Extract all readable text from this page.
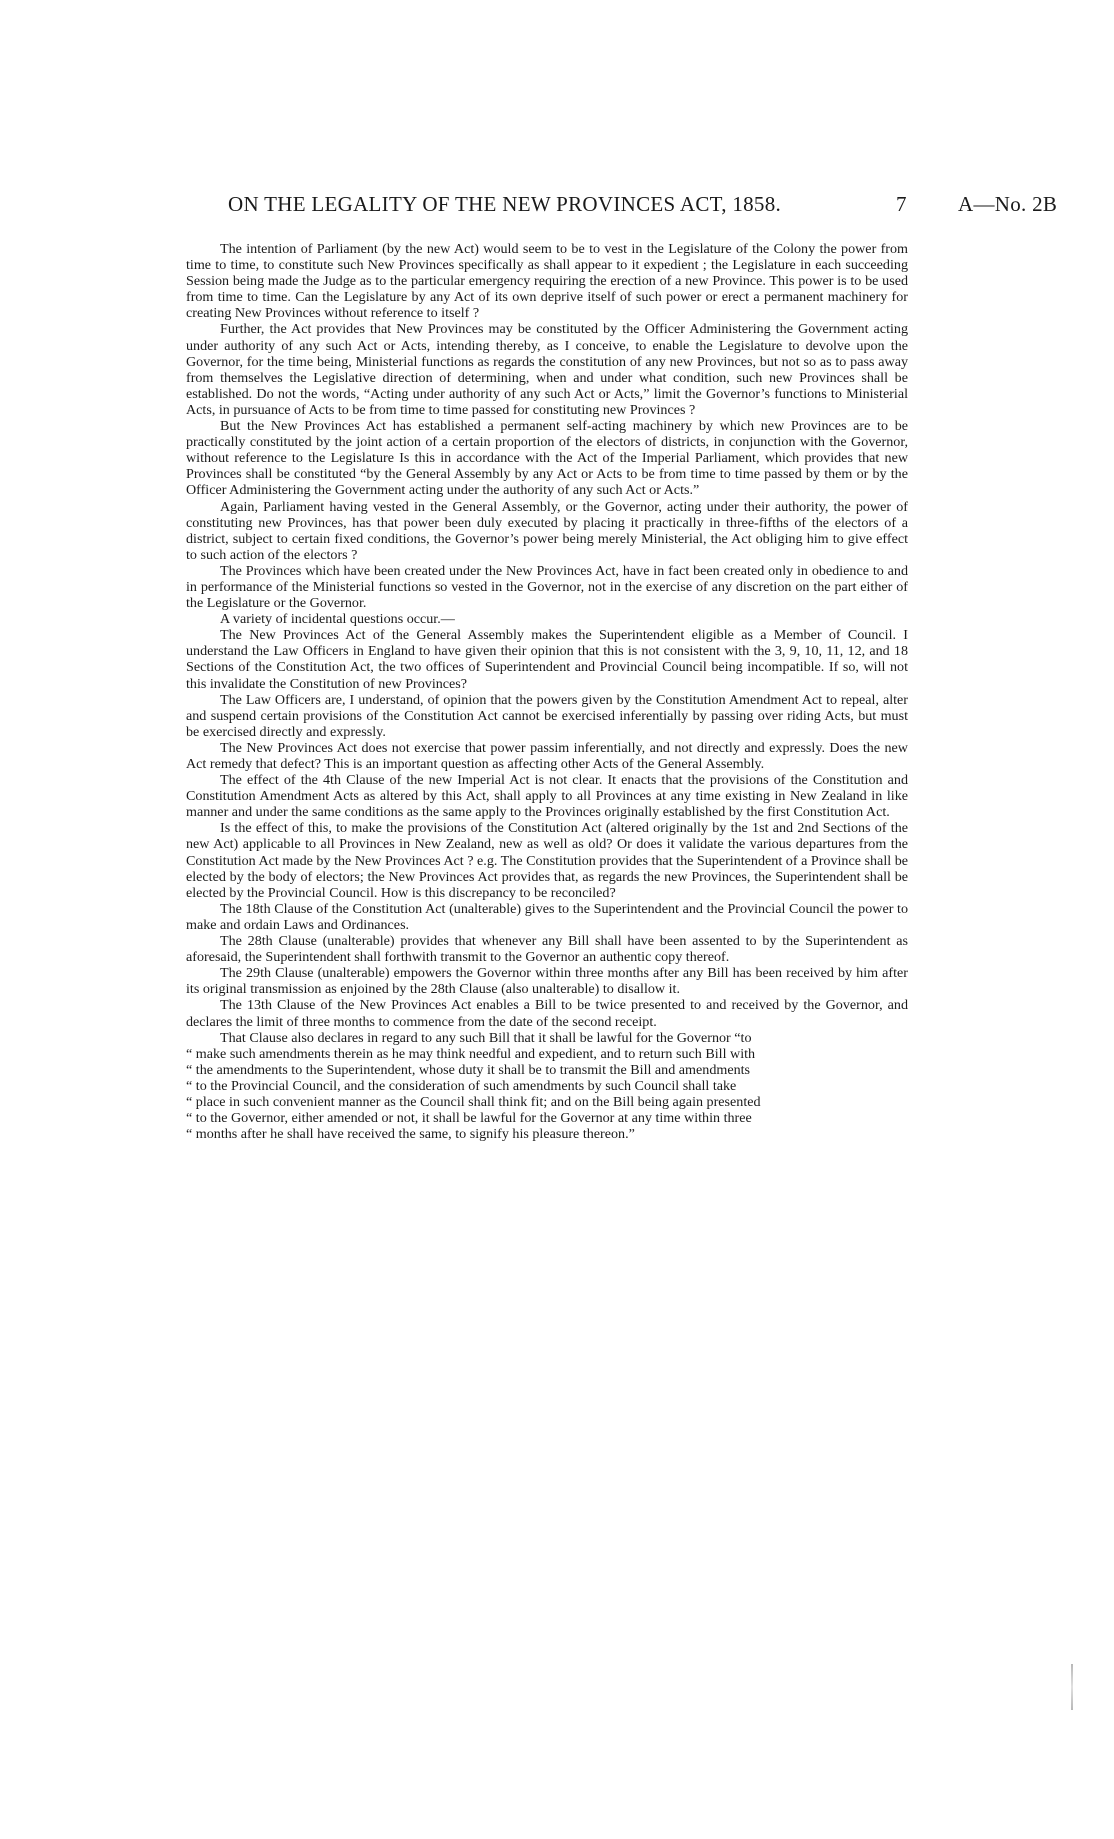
ON THE LEGALITY OF THE NEW PROVINCES ACT, 1858.	7 A—No. 2B

The intention of Parliament (by the new Act) would seem to be to vest in the Legislature of the Colony the power from time to time, to constitute such New Provinces specifically as shall appear to it expedient ; the Legislature in each succeeding Session being made the Judge as to the particular emergency requiring the erection of a new Province. This power is to be used from time to time. Can the Legislature by any Act of its own deprive itself of such power or erect a permanent machinery for creating New Provinces without reference to itself ?

Further, the Act provides that New Provinces may be constituted by the Officer Administering the Government acting under authority of any such Act or Acts, intending thereby, as I conceive, to enable the Legislature to devolve upon the Governor, for the time being, Ministerial functions as regards the constitution of any new Provinces, but not so as to pass away from themselves the Legislative direction of determining, when and under what condition, such new Provinces shall be established. Do not the words, “Acting under authority of any such Act or Acts,” limit the Governor’s functions to Ministerial Acts, in pursuance of Acts to be from time to time passed for constituting new Provinces ?

But the New Provinces Act has established a permanent self-acting machinery by which new Provinces are to be practically constituted by the joint action of a certain proportion of the electors of districts, in conjunction with the Governor, without reference to the Legislature Is this in accordance with the Act of the Imperial Parliament, which provides that new Provinces shall be constituted “by the General Assembly by any Act or Acts to be from time to time passed by them or by the Officer Administering the Government acting under the authority of any such Act or Acts.”

Again, Parliament having vested in the General Assembly, or the Governor, acting under their authority, the power of constituting new Provinces, has that power been duly executed by placing it practically in three-fifths of the electors of a district, subject to certain fixed conditions, the Governor’s power being merely Ministerial, the Act obliging him to give effect to such action of the electors ?

The Provinces which have been created under the New Provinces Act, have in fact been created only in obedience to and in performance of the Ministerial functions so vested in the Governor, not in the exercise of any discretion on the part either of the Legislature or the Governor.

A variety of incidental questions occur.—

The New Provinces Act of the General Assembly makes the Superintendent eligible as a Member of Council. I understand the Law Officers in England to have given their opinion that this is not consistent with the 3, 9, 10, 11, 12, and 18 Sections of the Constitution Act, the two offices of Superintendent and Provincial Council being incompatible. If so, will not this invalidate the Constitution of new Provinces?

The Law Officers are, I understand, of opinion that the powers given by the Constitution Amendment Act to repeal, alter and suspend certain provisions of the Constitution Act cannot be exercised inferentially by passing over riding Acts, but must be exercised directly and expressly.

The New Provinces Act does not exercise that power passim inferentially, and not directly and expressly. Does the new Act remedy that defect? This is an important question as affecting other Acts of the General Assembly.

The effect of the 4th Clause of the new Imperial Act is not clear. It enacts that the provisions of the Constitution and Constitution Amendment Acts as altered by this Act, shall apply to all Provinces at any time existing in New Zealand in like manner and under the same conditions as the same apply to the Provinces originally established by the first Constitution Act.

Is the effect of this, to make the provisions of the Constitution Act (altered originally by the 1st and 2nd Sections of the new Act) applicable to all Provinces in New Zealand, new as well as old? Or does it validate the various departures from the Constitution Act made by the New Provinces Act ? e.g. The Constitution provides that the Superintendent of a Province shall be elected by the body of electors; the New Provinces Act provides that, as regards the new Provinces, the Superintendent shall be elected by the Provincial Council. How is this discrepancy to be reconciled?

The 18th Clause of the Constitution Act (unalterable) gives to the Superintendent and the Provincial Council the power to make and ordain Laws and Ordinances.

The 28th Clause (unalterable) provides that whenever any Bill shall have been assented to by the Superintendent as aforesaid, the Superintendent shall forthwith transmit to the Governor an authentic copy thereof.

The 29th Clause (unalterable) empowers the Governor within three months after any Bill has been received by him after its original transmission as enjoined by the 28th Clause (also unalterable) to disallow it.

The 13th Clause of the New Provinces Act enables a Bill to be twice presented to and received by the Governor, and declares the limit of three months to commence from the date of the second receipt.

That Clause also declares in regard to any such Bill that it shall be lawful for the Governor “to
“ make such amendments therein as he may think needful and expedient, and to return such Bill with
“ the amendments to the Superintendent, whose duty it shall be to transmit the Bill and amendments
“ to the Provincial Council, and the consideration of such amendments by such Council shall take
“ place in such convenient manner as the Council shall think fit; and on the Bill being again presented
“ to the Governor, either amended or not, it shall be lawful for the Governor at any time within three
“ months after he shall have received the same, to signify his pleasure thereon.”
